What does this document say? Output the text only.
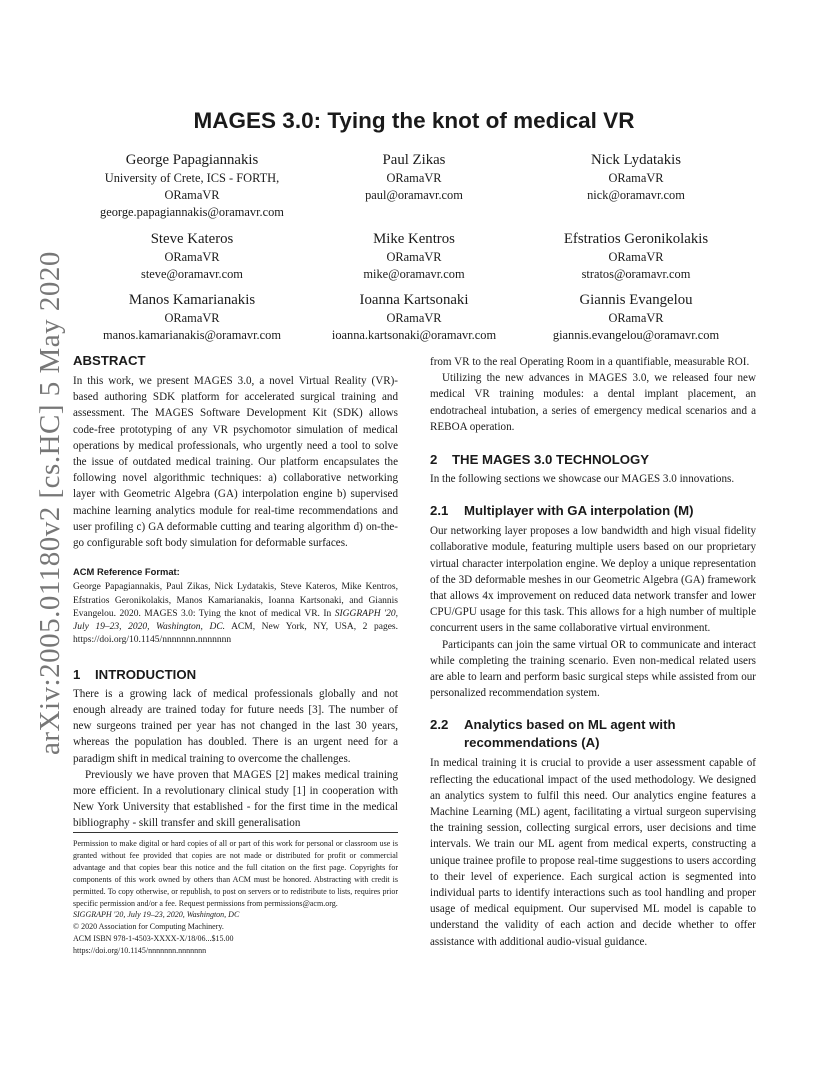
arXiv:2005.01180v2 [cs.HC] 5 May 2020
MAGES 3.0: Tying the knot of medical VR
George Papagiannakis
University of Crete, ICS - FORTH,
ORamaVR
george.papagiannakis@oramavr.com
Paul Zikas
ORamaVR
paul@oramavr.com
Nick Lydatakis
ORamaVR
nick@oramavr.com
Steve Kateros
ORamaVR
steve@oramavr.com
Mike Kentros
ORamaVR
mike@oramavr.com
Efstratios Geronikolakis
ORamaVR
stratos@oramavr.com
Manos Kamarianakis
ORamaVR
manos.kamarianakis@oramavr.com
Ioanna Kartsonaki
ORamaVR
ioanna.kartsonaki@oramavr.com
Giannis Evangelou
ORamaVR
giannis.evangelou@oramavr.com
ABSTRACT

In this work, we present MAGES 3.0, a novel Virtual Reality (VR)-based authoring SDK platform for accelerated surgical training and assessment. The MAGES Software Development Kit (SDK) allows code-free prototyping of any VR psychomotor simulation of medical operations by medical professionals, who urgently need a tool to solve the issue of outdated medical training. Our platform encapsulates the following novel algorithmic techniques: a) collaborative networking layer with Geometric Algebra (GA) interpolation engine b) supervised machine learning analytics module for real-time recommendations and user profiling c) GA deformable cutting and tearing algorithm d) on-the-go configurable soft body simulation for deformable surfaces.

ACM Reference Format:

George Papagiannakis, Paul Zikas, Nick Lydatakis, Steve Kateros, Mike Kentros, Efstratios Geronikolakis, Manos Kamarianakis, Ioanna Kartsonaki, and Giannis Evangelou. 2020. MAGES 3.0: Tying the knot of medical VR. In SIGGRAPH '20, July 19–23, 2020, Washington, DC. ACM, New York, NY, USA, 2 pages. https://doi.org/10.1145/nnnnnnn.nnnnnnn

1 INTRODUCTION

There is a growing lack of medical professionals globally and not enough already are trained today for future needs [3]. The number of new surgeons trained per year has not changed in the last 30 years, whereas the population has doubled. There is an urgent need for a paradigm shift in medical training to overcome the challenges.

Previously we have proven that MAGES [2] makes medical training more efficient. In a revolutionary clinical study [1] in cooperation with New York University that established - for the first time in the medical bibliography - skill transfer and skill generalisation

Permission to make digital or hard copies of all or part of this work for personal or classroom use is granted without fee provided that copies are not made or distributed for profit or commercial advantage and that copies bear this notice and the full citation on the first page. Copyrights for components of this work owned by others than ACM must be honored. Abstracting with credit is permitted. To copy otherwise, or republish, to post on servers or to redistribute to lists, requires prior specific permission and/or a fee. Request permissions from permissions@acm.org.
SIGGRAPH '20, July 19–23, 2020, Washington, DC
© 2020 Association for Computing Machinery.
ACM ISBN 978-1-4503-XXXX-X/18/06...$15.00
https://doi.org/10.1145/nnnnnnn.nnnnnnn

from VR to the real Operating Room in a quantifiable, measurable ROI.

Utilizing the new advances in MAGES 3.0, we released four new medical VR training modules: a dental implant placement, an endotracheal intubation, a series of emergency medical scenarios and a REBOA operation.

2 THE MAGES 3.0 TECHNOLOGY

In the following sections we showcase our MAGES 3.0 innovations.

2.1 Multiplayer with GA interpolation (M)

Our networking layer proposes a low bandwidth and high visual fidelity collaborative module, featuring multiple users based on our proprietary virtual character interpolation engine. We deploy a unique representation of the 3D deformable meshes in our Geometric Algebra (GA) framework that allows 4x improvement on reduced data network transfer and lower CPU/GPU usage for this task. This allows for a high number of multiple concurrent users in the same collaborative virtual environment.

Participants can join the same virtual OR to communicate and interact while completing the training scenario. Even non-medical related users are able to learn and perform basic surgical steps while assisted from our personalized recommendation system.

2.2 Analytics based on ML agent with
recommendations (A)

In medical training it is crucial to provide a user assessment capable of reflecting the educational impact of the used methodology. We designed an analytics system to fulfil this need. Our analytics engine features a Machine Learning (ML) agent, facilitating a virtual surgeon supervising the training session, collecting surgical errors, user decisions and time intervals. We train our ML agent from medical experts, constructing a unique trainee profile to propose real-time suggestions to users according to their level of experience. Each surgical action is segmented into individual parts to identify interactions such as tool handling and proper usage of medical equipment. Our supervised ML model is capable to understand the validity of each action and decide whether to offer assistance with additional audio-visual guidance.
